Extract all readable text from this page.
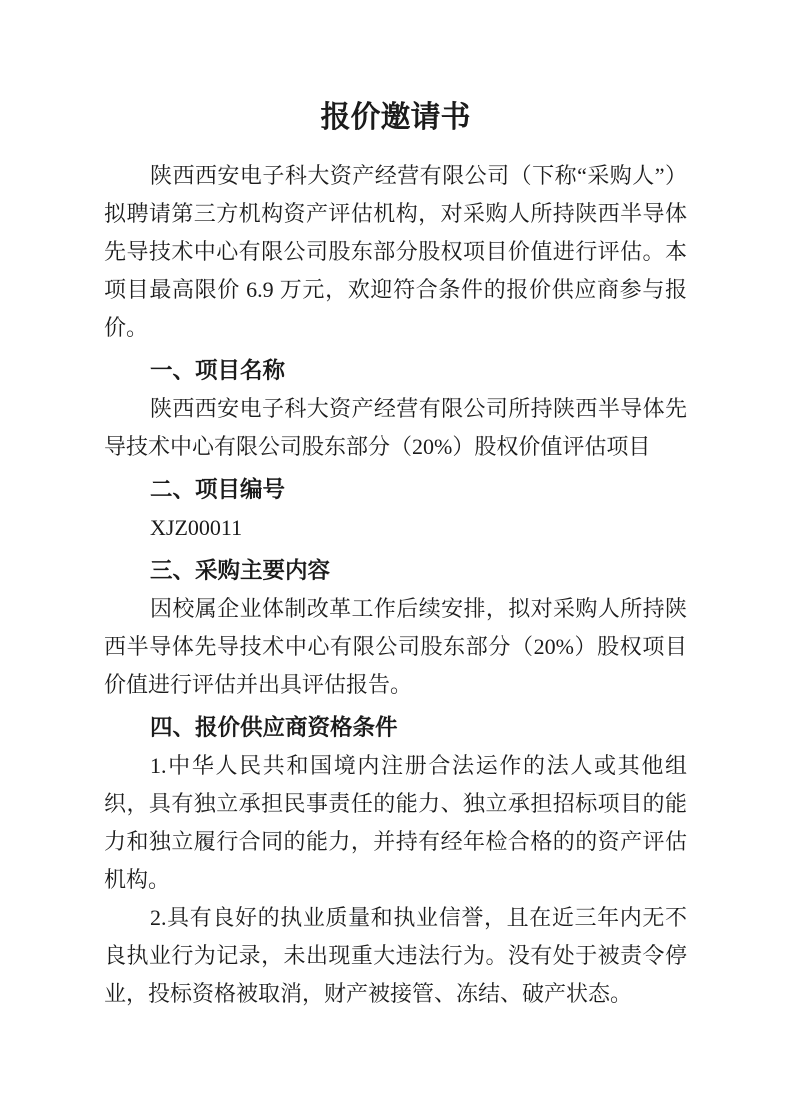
报价邀请书

陕西西安电子科大资产经营有限公司（下称“采购人”）拟聘请第三方机构资产评估机构，对采购人所持陕西半导体先导技术中心有限公司股东部分股权项目价值进行评估。本项目最高限价 6.9 万元，欢迎符合条件的报价供应商参与报价。

一、项目名称

陕西西安电子科大资产经营有限公司所持陕西半导体先导技术中心有限公司股东部分（20%）股权价值评估项目

二、项目编号

XJZ00011

三、采购主要内容

因校属企业体制改革工作后续安排，拟对采购人所持陕西半导体先导技术中心有限公司股东部分（20%）股权项目价值进行评估并出具评估报告。

四、报价供应商资格条件

1.中华人民共和国境内注册合法运作的法人或其他组织，具有独立承担民事责任的能力、独立承担招标项目的能力和独立履行合同的能力，并持有经年检合格的的资产评估机构。

2.具有良好的执业质量和执业信誉，且在近三年内无不良执业行为记录，未出现重大违法行为。没有处于被责令停业，投标资格被取消，财产被接管、冻结、破产状态。
